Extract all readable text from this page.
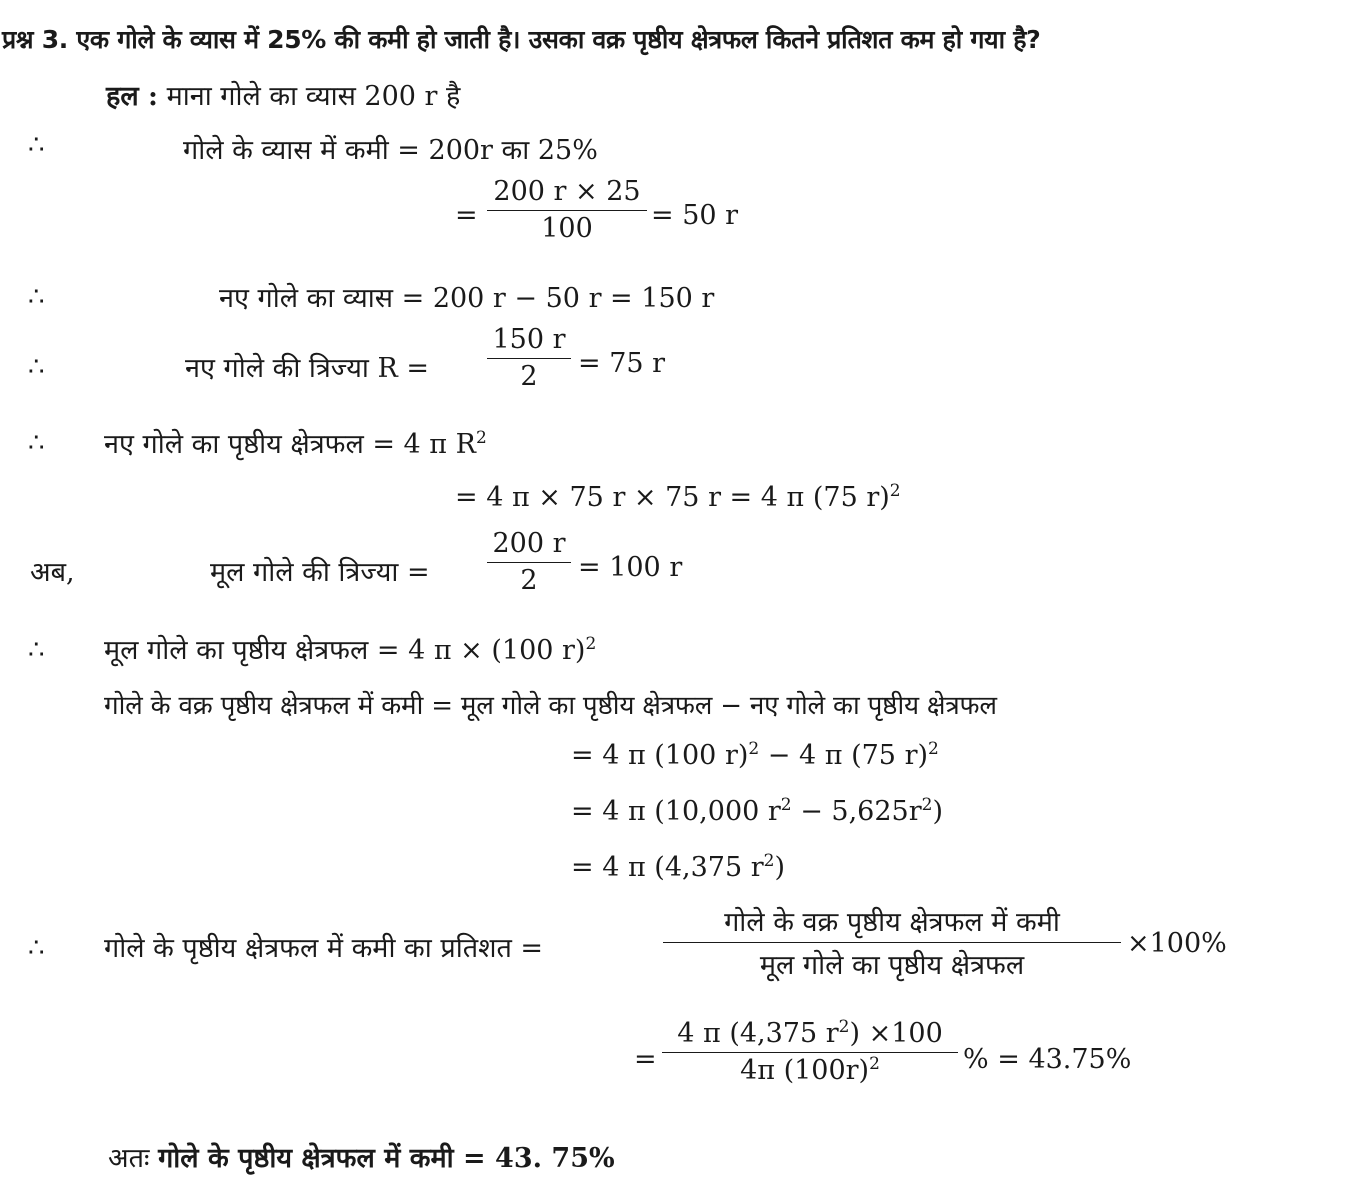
प्रश्न 3. एक गोले के व्यास में 25% की कमी हो जाती है। उसका वक्र पृष्ठीय क्षेत्रफल कितने प्रतिशत कम हो गया है?
हल : माना गोले का व्यास 200 r है
∴	गोले के व्यास में कमी = 200r का 25%
=
200 r × 25
100	= 50 r
∴	नए गोले का व्यास = 200 r − 50 r = 150 r
∴	नए गोले की त्रिज्या R =
150 r
2	= 75 r
∴ नए गोले का पृष्ठीय क्षेत्रफल = 4 π $R^2$
= 4 π × 75 r × 75 r = 4 π (75 r)$^2$
अब,	मूल गोले की त्रिज्या =
200 r
2	= 100 r
∴ मूल गोले का पृष्ठीय क्षेत्रफल = 4 π × (100 r)$^2$
गोले के वक्र पृष्ठीय क्षेत्रफल में कमी = मूल गोले का पृष्ठीय क्षेत्रफल − नए गोले का पृष्ठीय क्षेत्रफल
= 4 π (100 r)$^2$ − 4 π (75 r)$^2$
= 4 π (10,000 $r^2 - 5,625r^2$)
= 4 π (4,375 $r^2$)
∴ गोले के पृष्ठीय क्षेत्रफल में कमी का प्रतिशत =
गोले के वक्र पृष्ठीय क्षेत्रफल में कमी
मूल गोले का पृष्ठीय क्षेत्रफल
×100%
=
4 π (4,375 $r^2) \times 100$
4π $(100r)^2$	% = 43.75%
अतः गोले के पृष्ठीय क्षेत्रफल में कमी = 43. 75%
